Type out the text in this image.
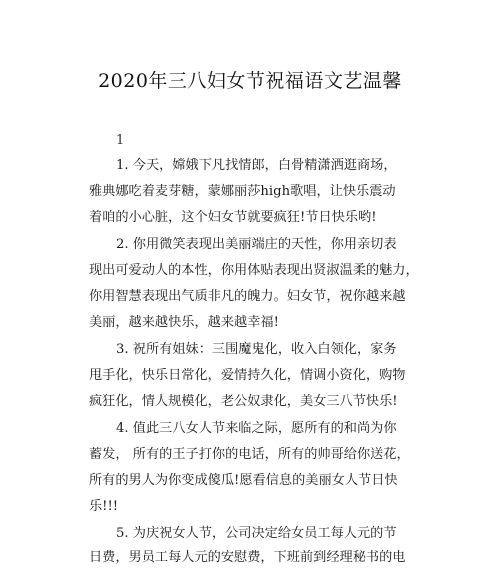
2020年三八妇女节祝福语文艺温馨
1
1. 今天，嫦娥下凡找情郎，白骨精潇洒逛商场，
雅典娜吃着麦芽糖，蒙娜丽莎high歌唱，让快乐震动
着咱的小心脏，这个妇女节就要疯狂!节日快乐哟!
2. 你用微笑表现出美丽端庄的天性，你用亲切表
现出可爱动人的本性，你用体贴表现出贤淑温柔的魅力，
你用智慧表现出气质非凡的魄力。妇女节，祝你越来越
美丽，越来越快乐，越来越幸福!
3. 祝所有姐妹：三围魔鬼化，收入白领化，家务
甩手化，快乐日常化，爱情持久化，情调小资化，购物
疯狂化，情人规模化，老公奴隶化，美女三八节快乐!
4. 值此三八女人节来临之际，愿所有的和尚为你
蓄发， 所有的王子打你的电话，所有的帅哥给你送花，
所有的男人为你变成傻瓜!愿看信息的美丽女人节日快
乐!!!
5. 为庆祝女人节，公司决定给女员工每人元的节
日费，男员工每人元的安慰费，下班前到经理秘书的电
